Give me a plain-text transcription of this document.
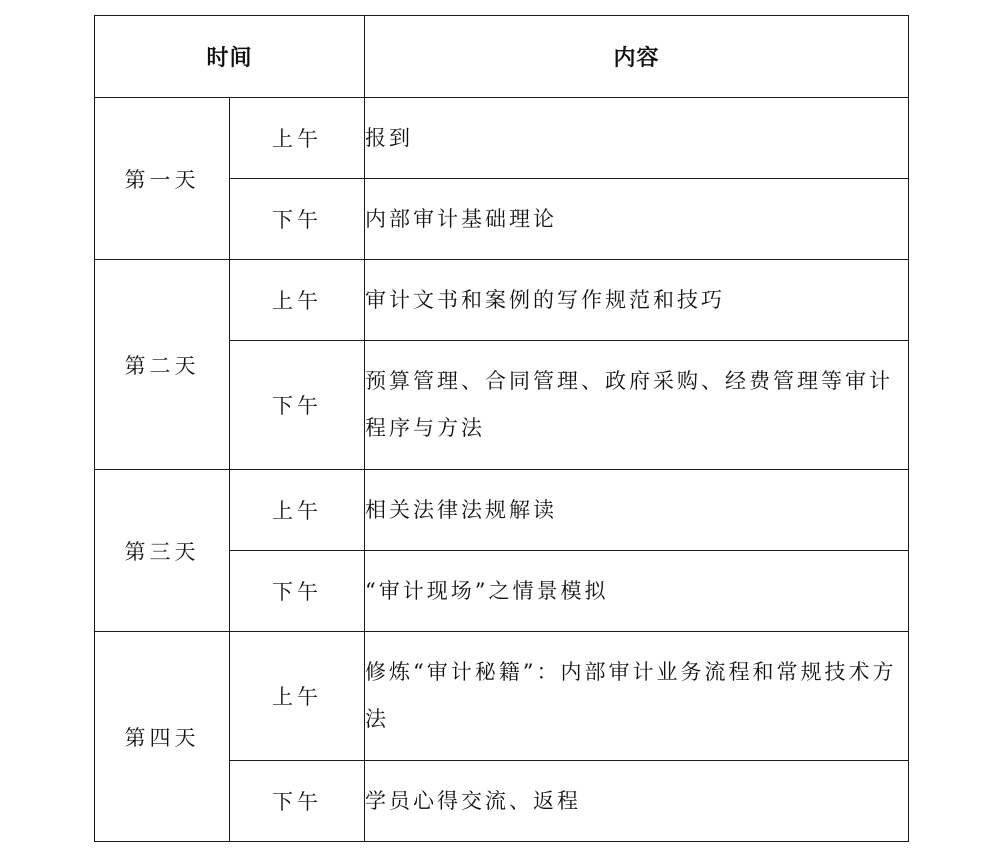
时间		内容
第一天	上午	报到
	下午	内部审计基础理论
第二天	上午	审计文书和案例的写作规范和技巧
	下午	预算管理、合同管理、政府采购、经费管理等审计程序与方法
第三天	上午	相关法律法规解读
	下午	“审计现场”之情景模拟
第四天	上午	修炼“审计秘籍”：内部审计业务流程和常规技术方法
	下午	学员心得交流、返程
